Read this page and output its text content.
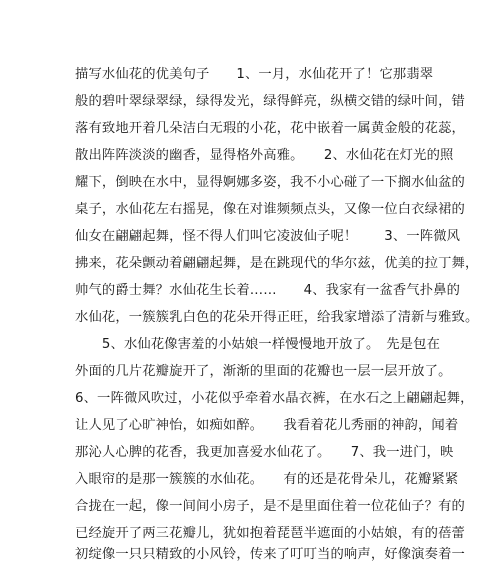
描写水仙花的优美句子　　1、一月，水仙花开了！它那翡翠
般的碧叶翠绿翠绿，绿得发光，绿得鲜亮，纵横交错的绿叶间，错
落有致地开着几朵洁白无瑕的小花，花中嵌着一属黄金般的花蕊，
散出阵阵淡淡的幽香，显得格外高雅。　　2、水仙花在灯光的照
耀下，倒映在水中，显得婀娜多姿，我不小心碰了一下搁水仙盆的
桌子，水仙花左右摇晃，像在对谁频频点头，又像一位白衣绿裙的
仙女在翩翩起舞，怪不得人们叫它凌波仙子呢！　　3、一阵微风
拂来，花朵颤动着翩翩起舞，是在跳现代的华尔兹，优美的拉丁舞，
帅气的爵士舞？水仙花生长着……　　4、我家有一盆香气扑鼻的
水仙花，一簇簇乳白色的花朵开得正旺，给我家增添了清新与雅致。
　　5、水仙花像害羞的小姑娘一样慢慢地开放了。　先是包在
外面的几片花瓣旋开了，渐渐的里面的花瓣也一层一层开放了。
6、一阵微风吹过，小花似乎牵着水晶衣裤，在水石之上翩翩起舞，
让人见了心旷神怡，如痴如醉。　　我看着花儿秀丽的神韵，闻着
那沁人心脾的花香，我更加喜爱水仙花了。　　7、我一进门，映
入眼帘的是那一簇簇的水仙花。　　有的还是花骨朵儿，花瓣紧紧
合拢在一起，像一间间小房子，是不是里面住着一位花仙子？有的
已经旋开了两三花瓣儿，犹如抱着琵琶半遮面的小姑娘，有的蓓蕾
初绽像一只只精致的小风铃，传来了叮叮当的响声，好像演奏着一
